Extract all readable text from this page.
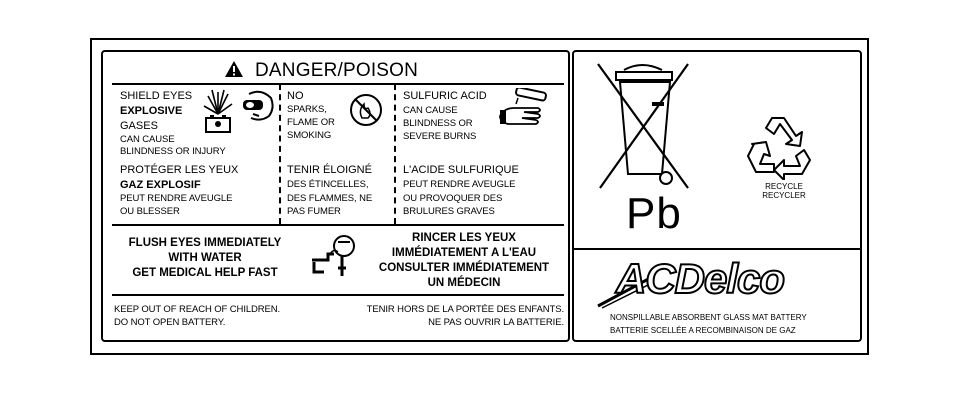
DANGER/POISON
SHIELD EYES
EXPLOSIVE
GASES
CAN CAUSE
BLINDNESS OR INJURY
PROTÉGER LES YEUX
GAZ EXPLOSIF
PEUT RENDRE AVEUGLE
OU BLESSER
NO
SPARKS,
FLAME OR
SMOKING
TENIR ÉLOIGNÉ
DES ÉTINCELLES,
DES FLAMMES, NE
PAS FUMER
SULFURIC ACID
CAN CAUSE
BLINDNESS OR
SEVERE BURNS
L'ACIDE SULFURIQUE
PEUT RENDRE AVEUGLE
OU PROVOQUER DES
BRULURES GRAVES
FLUSH EYES IMMEDIATELY
WITH WATER
GET MEDICAL HELP FAST
RINCER LES YEUX
IMMÉDIATEMENT A L'EAU
CONSULTER IMMÉDIATEMENT
UN MÉDECIN
KEEP OUT OF REACH OF CHILDREN.
DO NOT OPEN BATTERY.
TENIR HORS DE LA PORTÉE DES ENFANTS.
NE PAS OUVRIR LA BATTERIE.
Pb
RECYCLE
RECYCLER
ACDelco
NONSPILLABLE ABSORBENT GLASS MAT BATTERY
BATTERIE SCELLÉE A RECOMBINAISON DE GAZ
